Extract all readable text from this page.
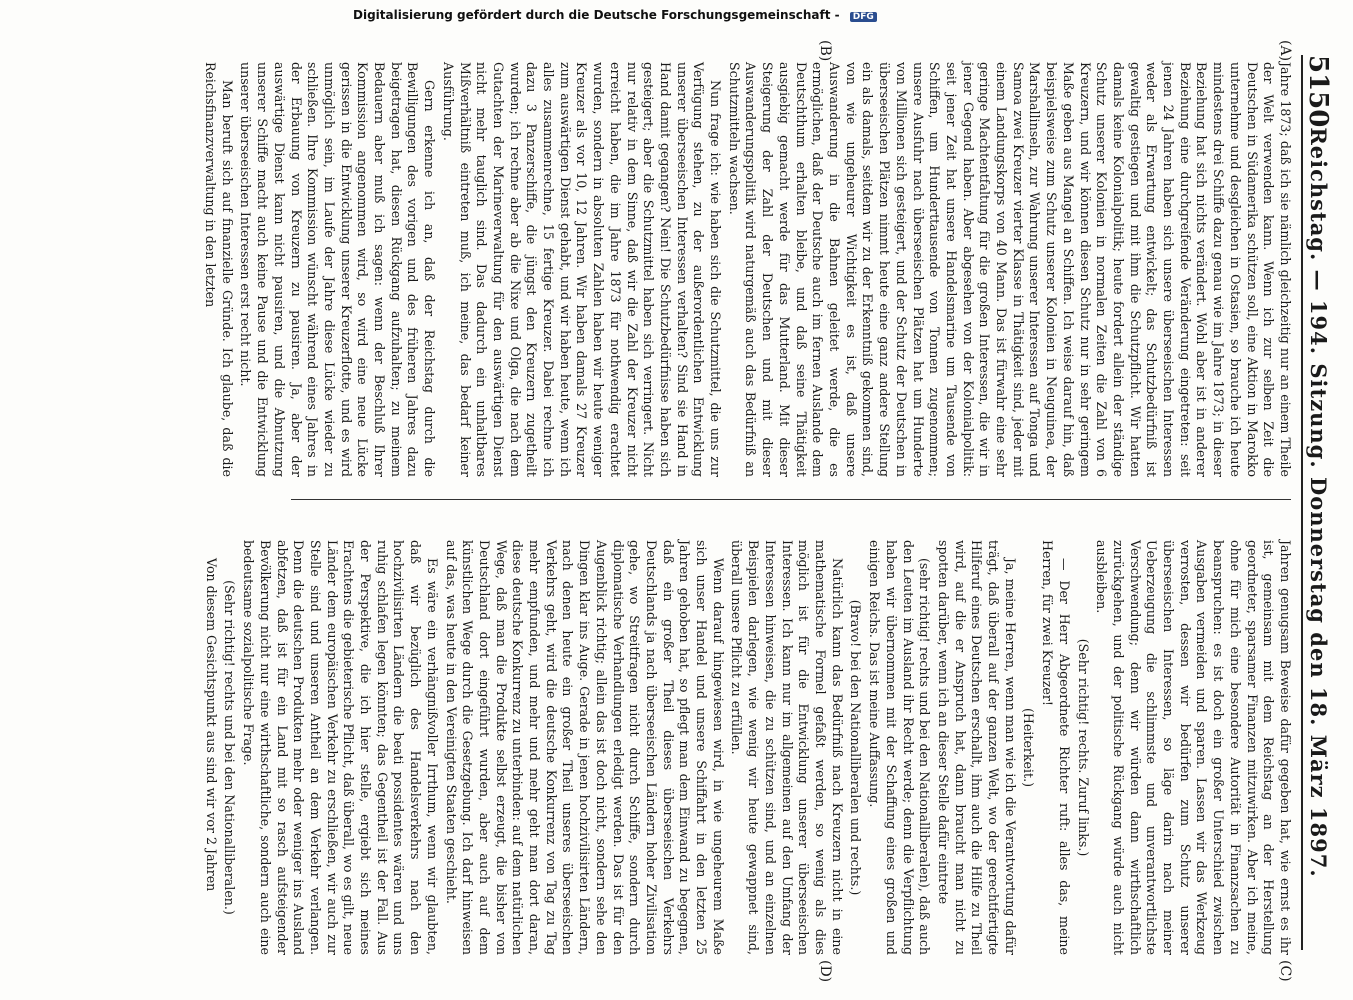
5150
Reichstag. — 194. Sitzung. Donnerstag den 18. März 1897.
(A)
(B)
(C)
(D)

Jahre 1873; daß ich sie nämlich gleichzeitig nur an einem Theile der Welt verwenden kann. Wenn ich zur selben Zeit die Deutschen in Südamerika schützen soll, eine Aktion in Marokko unternehme und desgleichen in Ostasien, so brauche ich heute mindestens drei Schiffe dazu genau wie im Jahre 1873; in dieser Beziehung hat sich nichts verändert. Wohl aber ist in anderer Beziehung eine durchgreifende Veränderung eingetreten: seit jenen 24 Jahren haben sich unsere überseeischen Interessen weder als Erwartung entwickelt; das Schutzbedürfniß ist gewaltig gestiegen und mit ihm die Schutzpflicht. Wir hatten damals keine Kolonialpolitik; heute fordert allein der ständige Schutz unserer Kolonien in normalen Zeiten die Zahl von 6 Kreuzern, und wir können diesen Schutz nur in sehr geringem Maße geben aus Mangel an Schiffen. Ich weise darauf hin, daß beispielsweise zum Schutz unserer Kolonien in Neuguinea, der Marshallinseln, zur Wahrung unserer Interessen auf Tonga und Samoa zwei Kreuzer vierter Klasse in Thätigkeit sind, jeder mit einem Landungskorps von 40 Mann. Das ist fürwahr eine sehr geringe Machtentfaltung für die großen Interessen, die wir in jener Gegend haben. Aber abgesehen von der Kolonialpolitik: seit jener Zeit hat unsere Handelsmarine um Tausende von Schiffen, um Hunderttausende von Tonnen zugenommen; unsere Ausfuhr nach überseeischen Plätzen hat um Hunderte von Millionen sich gesteigert, und der Schutz der Deutschen in überseeischen Plätzen nimmt heute eine ganz andere Stellung ein als damals, seitdem wir zu der Erkenntniß gekommen sind, von wie ungeheurer Wichtigkeit es ist, daß unsere Auswanderung in die Bahnen geleitet werde, die es ermöglichen, daß der Deutsche auch im fernen Auslande dem Deutschthum erhalten bleibe, und daß seine Thätigkeit ausgiebig gemacht werde für das Mutterland. Mit dieser Steigerung der Zahl der Deutschen und mit dieser Auswanderungspolitik wird naturgemäß auch das Bedürfniß an Schutzmitteln wachsen.

Nun frage ich: wie haben sich die Schutzmittel, die uns zur Verfügung stehen, zu der außerordentlichen Entwicklung unserer überseeischen Interessen verhalten? Sind sie Hand in Hand damit gegangen? Nein! Die Schutzbedürfnisse haben sich gesteigert; aber die Schutzmittel haben sich verringert. Nicht nur relativ in dem Sinne, daß wir die Zahl der Kreuzer nicht erreicht haben, die im Jahre 1873 für nothwendig erachtet wurden, sondern in absoluten Zahlen haben wir heute weniger Kreuzer als vor 10, 12 Jahren. Wir haben damals 27 Kreuzer zum auswärtigen Dienst gehabt, und wir haben heute, wenn ich alles zusammenrechne, 15 fertige Kreuzer. Dabei rechne ich dazu 3 Panzerschiffe, die jüngst den Kreuzern zugetheilt wurden; ich rechne aber ab die Nixe und Olga, die nach dem Gutachten der Marineverwaltung für den auswärtigen Dienst nicht mehr tauglich sind. Das dadurch ein unhaltbares Mißverhältniß eintreten muß, ich meine, das bedarf keiner Ausführung.

Gern erkenne ich an, daß der Reichstag durch die Bewilligungen des vorigen und des früheren Jahres dazu beigetragen hat, diesen Rückgang aufzuhalten; zu meinem Bedauern aber muß ich sagen: wenn der Beschluß Ihrer Kommission angenommen wird, so wird eine neue Lücke gerissen in die Entwicklung unserer Kreuzerflotte, und es wird unmöglich sein, im Laufe der Jahre diese Lücke wieder zu schließen. Ihre Kommission wünscht während eines Jahres in der Erbauung von Kreuzern zu pausiren. Ja, aber der auswärtige Dienst kann nicht pausiren, und die Abnutzung unserer Schiffe macht auch keine Pause und die Entwicklung unserer überseeischen Interessen erst recht nicht.

Man beruft sich auf finanzielle Gründe. Ich glaube, daß die Reichsfinanzverwaltung in den letzten

Jahren genugsam Beweise dafür gegeben hat, wie ernst es ihr ist, gemeinsam mit dem Reichstag an der Herstellung geordneter, sparsamer Finanzen mitzuwirken. Aber ich meine, ohne für mich eine besondere Autorität in Finanzsachen zu beanspruchen: es ist doch ein großer Unterschied zwischen Ausgaben vermeiden und sparen. Lassen wir das Werkzeug verrosten, dessen wir bedürfen zum Schutz unserer überseeischen Interessen, so läge darin nach meiner Ueberzeugung die schlimmste und unverantwortlichste Verschwendung; denn wir würden dann wirthschaftlich zurückgehen, und der politische Rückgang würde auch nicht ausbleiben.

(Sehr richtig! rechts. Zuruf links.)

— Der Herr Abgeordnete Richter ruft: alles das, meine Herren, für zwei Kreuzer!

(Heiterkeit.)

Ja, meine Herren, wenn man wie ich die Verantwortung dafür trägt, daß überall auf der ganzen Welt, wo der gerechtfertigte Hilferuf eines Deutschen erschallt, ihm auch die Hilfe zu Theil wird, auf die er Anspruch hat, dann braucht man nicht zu spotten darüber, wenn ich an dieser Stelle dafür eintrete

(sehr richtig! rechts und bei den Nationalliberalen), daß auch den Leuten im Ausland ihr Recht werde; denn die Verpflichtung haben wir übernommen mit der Schaffung eines großen und einigen Reichs. Das ist meine Auffassung.

(Bravo! bei den Nationalliberalen und rechts.)

Natürlich kann das Bedürfniß nach Kreuzern nicht in eine mathematische Formel gefaßt werden, so wenig als dies möglich ist für die Entwicklung unserer überseeischen Interessen. Ich kann nur im allgemeinen auf den Umfang der Interessen hinweisen, die zu schützen sind, und an einzelnen Beispielen darlegen, wie wenig wir heute gewappnet sind, überall unsere Pflicht zu erfüllen.

Wenn darauf hingewiesen wird, in wie ungeheurem Maße sich unser Handel und unsere Schiffahrt in den letzten 25 Jahren gehoben hat, so pflegt man dem Einwand zu begegnen, daß ein großer Theil dieses überseeischen Verkehrs Deutschlands ja nach überseeischen Ländern hoher Zivilisation gehe, wo Streitfragen nicht durch Schiffe, sondern durch diplomatische Verhandlungen erledigt werden. Das ist für den Augenblick richtig; allein das ist doch nicht, sondern sehe den Dingen klar ins Auge. Gerade in jenen hochzivilisirten Ländern, nach denen heute ein großer Theil unseres überseeischen Verkehrs geht, wird die deutsche Konkurrenz von Tag zu Tag mehr empfunden, und mehr und mehr geht man dort daran, diese deutsche Konkurrenz zu unterbinden: auf dem natürlichen Wege, daß man die Produkte selbst erzeugt, die bisher von Deutschland dort eingeführt wurden, aber auch auf dem künstlichen Wege durch die Gesetzgebung. Ich darf hinweisen auf das, was heute in den Vereinigten Staaten geschieht.

Es wäre ein verhängnißvoller Irrthum, wenn wir glaubten, daß wir bezüglich des Handelsverkehrs nach den hochzivilisirten Ländern die beati possidentes wären und uns ruhig schlafen legen könnten; das Gegentheil ist der Fall. Aus der Perspektive, die ich hier stelle, ergiebt sich meines Erachtens die gebieterische Pflicht, daß überall, wo es gilt, neue Länder dem europäischen Verkehr zu erschließen, wir auch zur Stelle sind und unseren Antheil an dem Verkehr verlangen. Denn die deutschen Produkten mehr oder weniger ins Ausland abfetzen, daß ist für ein Land mit so rasch aufsteigender Bevölkerung nicht nur eine wirthschaftliche, sondern auch eine bedeutsame sozialpolitische Frage.

(Sehr richtig! rechts und bei den Nationalliberalen.)

Von diesem Gesichtspunkt aus sind wir vor 2 Jahren

Digitalisierung gefördert durch die Deutsche Forschungsgemeinschaft - DFG
